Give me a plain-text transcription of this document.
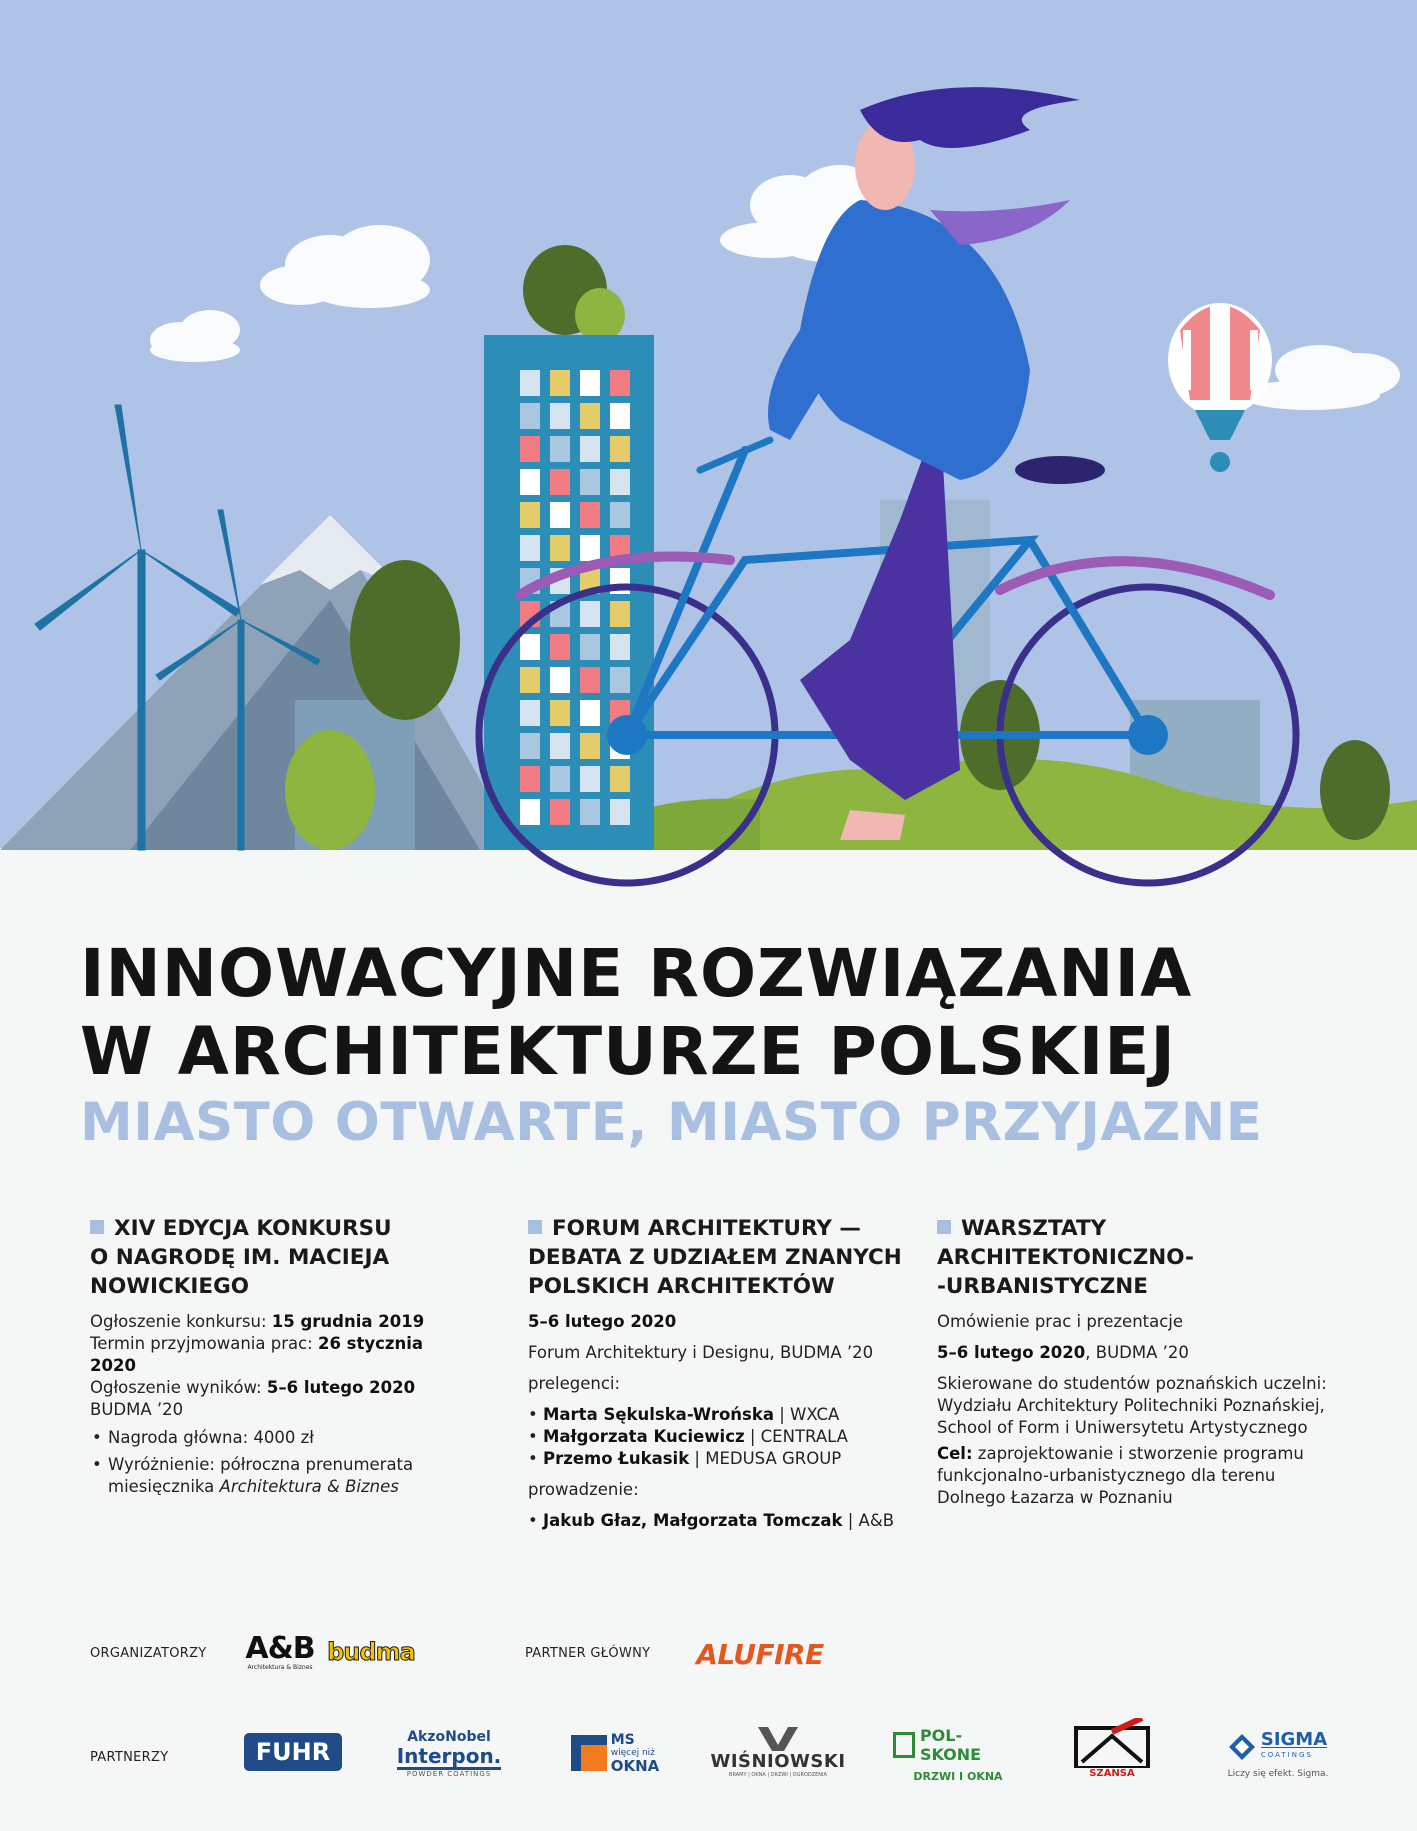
INNOWACYJNE ROZWIĄZANIA
W ARCHITEKTURZE POLSKIEJ
MIASTO OTWARTE, MIASTO PRZYJAZNE
XIV EDYCJA KONKURSU
O NAGRODĘ IM. MACIEJA
NOWICKIEGO
Ogłoszenie konkursu: 15 grudnia 2019
Termin przyjmowania prac: 26 stycznia 2020
Ogłoszenie wyników: 5–6 lutego 2020
BUDMA ’20
• Nagroda główna: 4000 zł
• Wyróżnienie: półroczna prenumerata miesięcznika Architektura & Biznes
FORUM ARCHITEKTURY —
DEBATA Z UDZIAŁEM ZNANYCH
POLSKICH ARCHITEKTÓW
5–6 lutego 2020
Forum Architektury i Designu, BUDMA ’20
prelegenci:
• Marta Sękulska-Wrońska | WXCA
• Małgorzata Kuciewicz | CENTRALA
• Przemo Łukasik | MEDUSA GROUP
prowadzenie:
• Jakub Głaz, Małgorzata Tomczak | A&B
WARSZTATY ARCHITEKTONICZNO-
-URBANISTYCZNE
Omówienie prac i prezentacje
5–6 lutego 2020, BUDMA ’20
Skierowane do studentów poznańskich uczelni: Wydziału Architektury Politechniki Poznańskiej, School of Form i Uniwersytetu Artystycznego
Cel: zaprojektowanie i stworzenie programu funkcjonalno-urbanistycznego dla terenu Dolnego Łazarza w Poznaniu
ORGANIZATORZY A&B
Architektura & Biznes
budma	PARTNER GŁÓWNY ALUFIRE
PARTNERZY	FUHR
AkzoNobel
Interpon.
POWDER COATINGS
MS
więcej niż
OKNA	WIŚNIOWSKI
BRAMY | OKNA | DRZWI | OGRODZENIA
POL-SKONE
DRZWI I OKNA	SZANSA
SIGMA
COATINGS
Liczy się efekt. Sigma.
